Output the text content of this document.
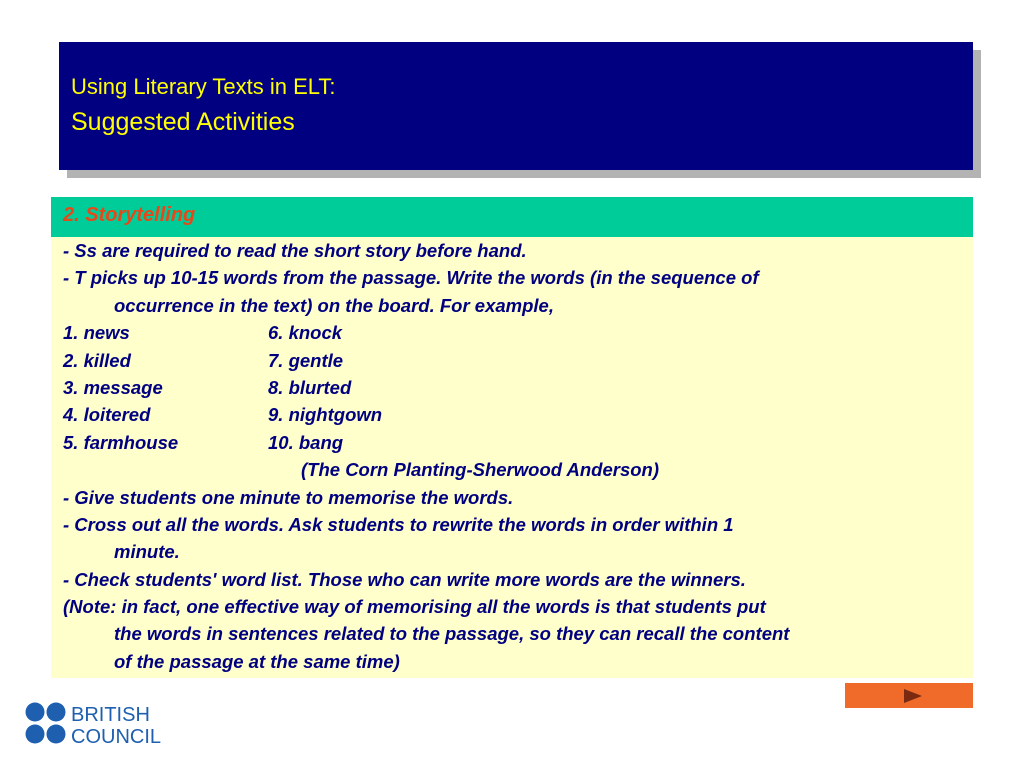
Using Literary Texts in ELT:
Suggested Activities
2. Storytelling
- Ss are required to read the short story before hand.
- T picks up 10-15 words from the passage. Write the words (in the sequence of
occurrence in the text) on the board. For example,
1. news	6. knock
2. killed	7. gentle
3. message	8. blurted
4. loitered	9. nightgown
5. farmhouse	10. bang
(The Corn Planting-Sherwood Anderson)
- Give students one minute to memorise the words.
- Cross out all the words. Ask students to rewrite the words in order within 1
minute.
- Check students' word list. Those who can write more words are the winners.
(Note: in fact, one effective way of memorising all the words is that students put
the words in sentences related to the passage, so they can recall the content
of the passage at the same time)
BRITISH
COUNCIL
